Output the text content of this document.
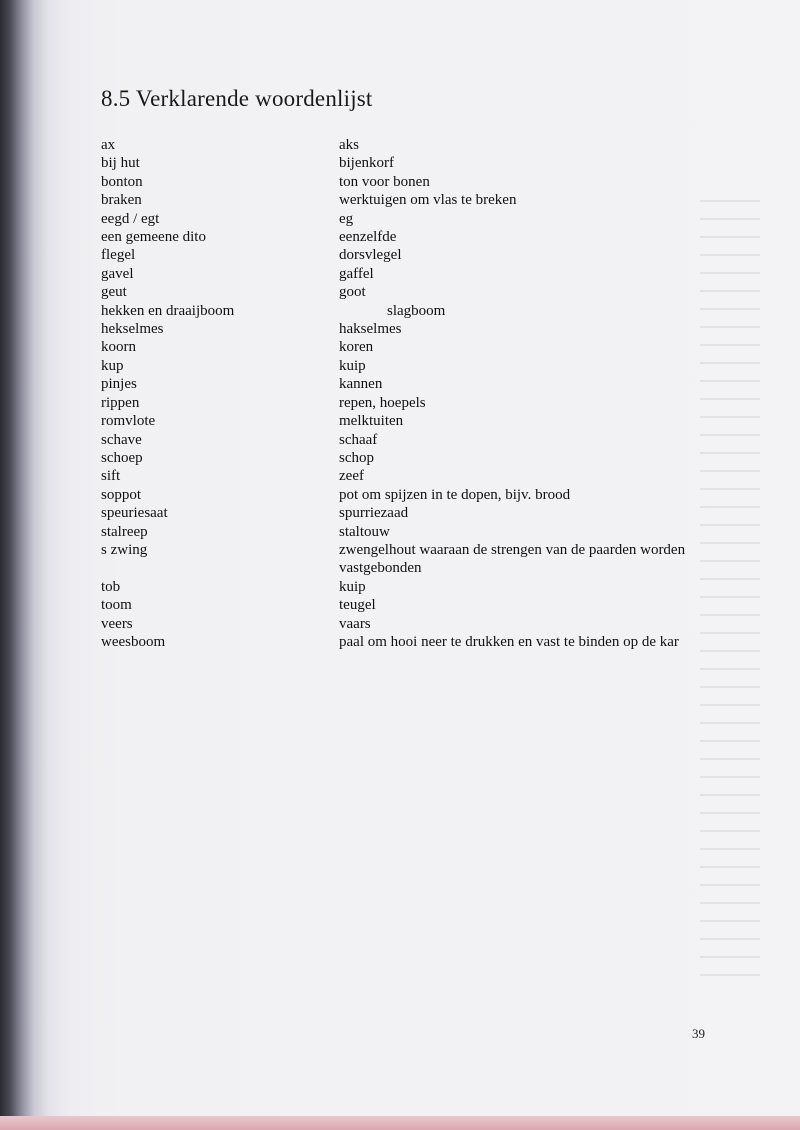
8.5 Verklarende woordenlijst
ax	aks
bij hut	bijenkorf
bonton	ton voor bonen
braken	werktuigen om vlas te breken
eegd / egt	eg
een gemeene dito	eenzelfde
flegel	dorsvlegel
gavel	gaffel
geut	goot
hekken en draaijboom	slagboom
hekselmes	hakselmes
koorn	koren
kup	kuip
pinjes	kannen
rippen	repen, hoepels
romvlote	melktuiten
schave	schaaf
schoep	schop
sift	zeef
soppot	pot om spijzen in te dopen, bijv. brood
speuriesaat	spurriezaad
stalreep	staltouw
s zwing	zwengelhout waaraan de strengen van de paarden worden
vastgebonden
tob	kuip
toom	teugel
veers	vaars
weesboom	paal om hooi neer te drukken en vast te binden op de kar
39
